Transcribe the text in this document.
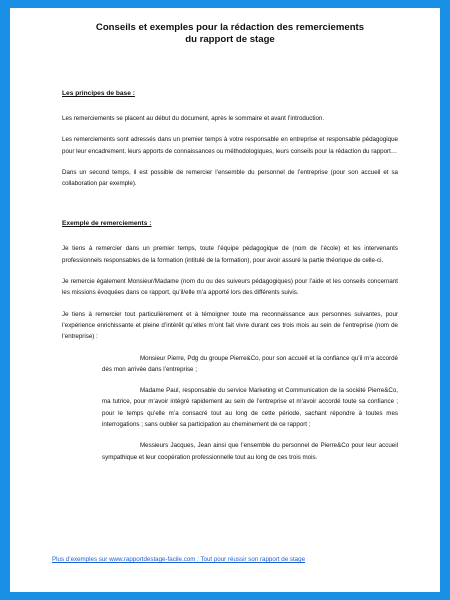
Conseils et exemples pour la rédaction des remerciements
du rapport de stage
Les principes de base :

Les remerciements se placent au début du document, après le sommaire et avant l’introduction.

Les remerciements sont adressés dans un premier temps à votre responsable en entreprise et responsable pédagogique pour leur encadrement, leurs apports de connaissances ou méthodologiques, leurs conseils pour la rédaction du rapport…

Dans un second temps, il est possible de remercier l’ensemble du personnel de l’entreprise (pour son accueil et sa collaboration par exemple).

Exemple de remerciements :

Je tiens à remercier dans un premier temps, toute l’équipe pédagogique de (nom de l’école) et les intervenants professionnels responsables de la formation (intitulé de la formation), pour avoir assuré la partie théorique de celle-ci.

Je remercie également Monsieur/Madame (nom du ou des suiveurs pédagogiques) pour l’aide et les conseils concernant les missions évoquées dans ce rapport, qu’il/elle m’a apporté lors des différents suivis.

Je tiens à remercier tout particulièrement et à témoigner toute ma reconnaissance aux personnes suivantes, pour l’expérience enrichissante et pleine d’intérêt qu’elles m’ont fait vivre durant ces trois mois au sein de l’entreprise (nom de l’entreprise) :

Monsieur Pierre, Pdg du groupe Pierre&Co, pour son accueil et la confiance qu’il m’a accordé dès mon arrivée dans l’entreprise ;

Madame Paul, responsable du service Marketing et Communication de la société Pierre&Co, ma tutrice, pour m’avoir intégré rapidement au sein de l’entreprise et m’avoir accordé toute sa confiance ; pour le temps qu’elle m’a consacré tout au long de cette période, sachant répondre à toutes mes interrogations ; sans oublier sa participation au cheminement de ce rapport ;

Messieurs Jacques, Jean ainsi que l’ensemble du personnel de Pierre&Co pour leur accueil sympathique et leur coopération professionnelle tout au long de ces trois mois.

Plus d’exemples sur www.rapportdestage-facile.com : Tout pour réussir son rapport de stage
